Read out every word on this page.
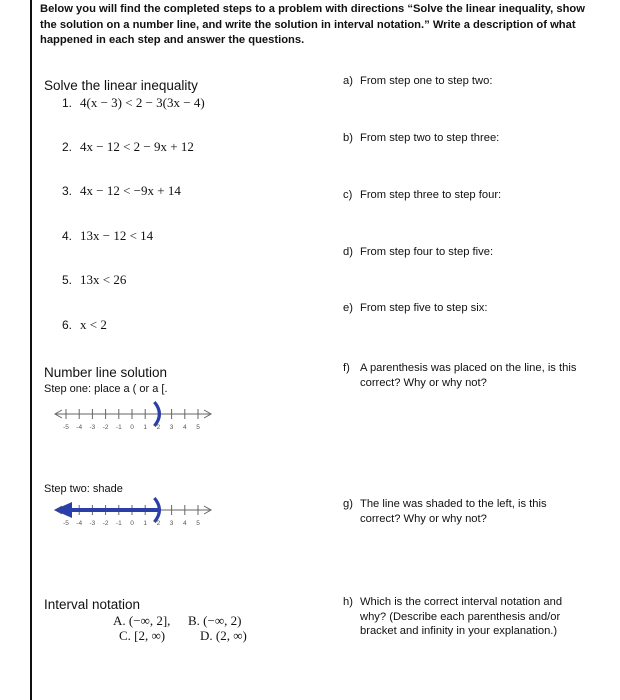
Below you will find the completed steps to a problem with directions “Solve the linear inequality, show the solution on a number line, and write the solution in interval notation.” Write a description of what happened in each step and answer the questions.
Solve the linear inequality
1. 4(x − 3) < 2 − 3(3x − 4)
2. 4x − 12 < 2 − 9x + 12
3. 4x − 12 < −9x + 14
4. 13x − 12 < 14
5. 13x < 26
6. x < 2
a) From step one to step two:
b) From step two to step three:
c) From step three to step four:
d) From step four to step five:
e) From step five to step six:
f) A parenthesis was placed on the line, is this
correct? Why or why not?
g) The line was shaded to the left, is this
correct? Why or why not?
h) Which is the correct interval notation and
why? (Describe each parenthesis and/or
bracket and infinity in your explanation.)
Number line solution
Step one: place a ( or a [.
-5 -4 -3 -2 -1 0 1 2 3 4 5
Step two: shade
-5 -4 -3 -2 -1 0 1 2 3 4 5
Interval notation
A. (−∞, 2], B. (−∞, 2)
C. [2, ∞)	D. (2, ∞)
